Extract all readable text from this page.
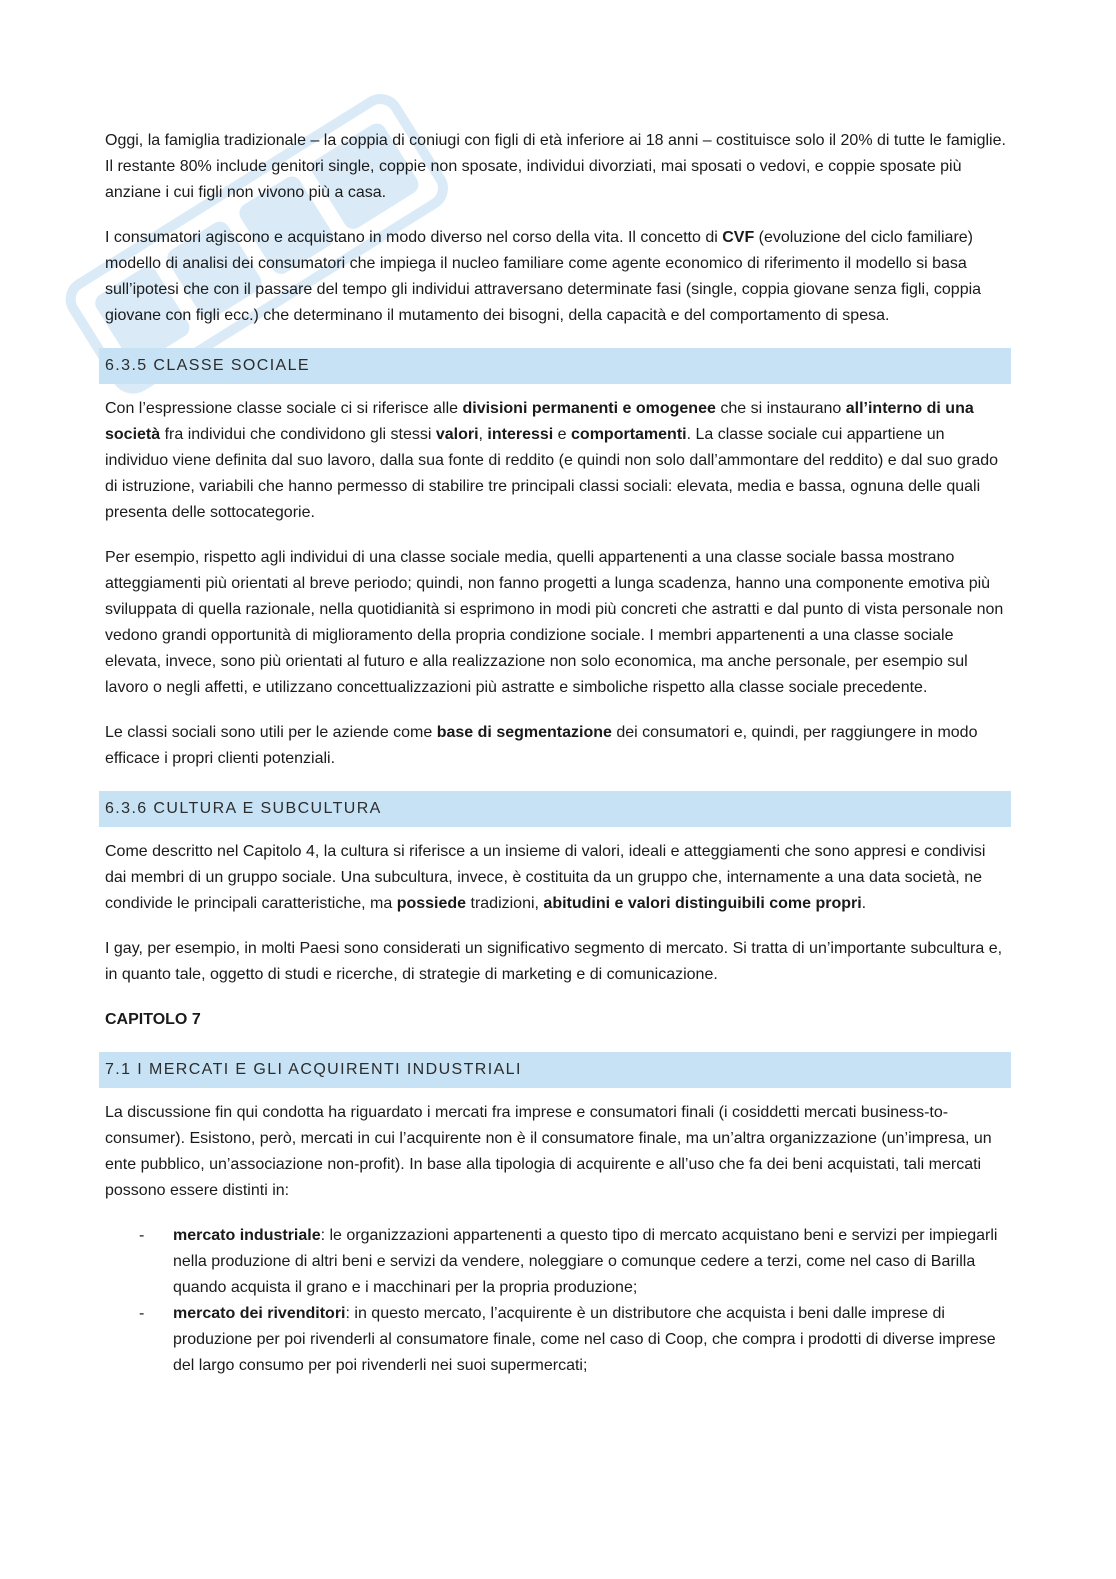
Oggi, la famiglia tradizionale – la coppia di coniugi con figli di età inferiore ai 18 anni – costituisce solo il 20% di tutte le famiglie. Il restante 80% include genitori single, coppie non sposate, individui divorziati, mai sposati o vedovi, e coppie sposate più anziane i cui figli non vivono più a casa.

I consumatori agiscono e acquistano in modo diverso nel corso della vita. Il concetto di CVF (evoluzione del ciclo familiare) modello di analisi dei consumatori che impiega il nucleo familiare come agente economico di riferimento il modello si basa sull’ipotesi che con il passare del tempo gli individui attraversano determinate fasi (single, coppia giovane senza figli, coppia giovane con figli ecc.) che determinano il mutamento dei bisogni, della capacità e del comportamento di spesa.

6.3.5 CLASSE SOCIALE

Con l’espressione classe sociale ci si riferisce alle divisioni permanenti e omogenee che si instaurano all’interno di una società fra individui che condividono gli stessi valori, interessi e comportamenti. La classe sociale cui appartiene un individuo viene definita dal suo lavoro, dalla sua fonte di reddito (e quindi non solo dall’ammontare del reddito) e dal suo grado di istruzione, variabili che hanno permesso di stabilire tre principali classi sociali: elevata, media e bassa, ognuna delle quali presenta delle sottocategorie.

Per esempio, rispetto agli individui di una classe sociale media, quelli appartenenti a una classe sociale bassa mostrano atteggiamenti più orientati al breve periodo; quindi, non fanno progetti a lunga scadenza, hanno una componente emotiva più sviluppata di quella razionale, nella quotidianità si esprimono in modi più concreti che astratti e dal punto di vista personale non vedono grandi opportunità di miglioramento della propria condizione sociale. I membri appartenenti a una classe sociale elevata, invece, sono più orientati al futuro e alla realizzazione non solo economica, ma anche personale, per esempio sul lavoro o negli affetti, e utilizzano concettualizzazioni più astratte e simboliche rispetto alla classe sociale precedente.

Le classi sociali sono utili per le aziende come base di segmentazione dei consumatori e, quindi, per raggiungere in modo efficace i propri clienti potenziali.

6.3.6 CULTURA E SUBCULTURA

Come descritto nel Capitolo 4, la cultura si riferisce a un insieme di valori, ideali e atteggiamenti che sono appresi e condivisi dai membri di un gruppo sociale. Una subcultura, invece, è costituita da un gruppo che, internamente a una data società, ne condivide le principali caratteristiche, ma possiede tradizioni, abitudini e valori distinguibili come propri.

I gay, per esempio, in molti Paesi sono considerati un significativo segmento di mercato. Si tratta di un’importante subcultura e, in quanto tale, oggetto di studi e ricerche, di strategie di marketing e di comunicazione.

CAPITOLO 7
7.1 I MERCATI E GLI ACQUIRENTI INDUSTRIALI

La discussione fin qui condotta ha riguardato i mercati fra imprese e consumatori finali (i cosiddetti mercati business-to-consumer). Esistono, però, mercati in cui l’acquirente non è il consumatore finale, ma un’altra organizzazione (un’impresa, un ente pubblico, un’associazione non-profit). In base alla tipologia di acquirente e all’uso che fa dei beni acquistati, tali mercati possono essere distinti in:

- mercato industriale: le organizzazioni appartenenti a questo tipo di mercato acquistano beni e servizi per impiegarli nella produzione di altri beni e servizi da vendere, noleggiare o comunque cedere a terzi, come nel caso di Barilla quando acquista il grano e i macchinari per la propria produzione;
- mercato dei rivenditori: in questo mercato, l’acquirente è un distributore che acquista i beni dalle imprese di produzione per poi rivenderli al consumatore finale, come nel caso di Coop, che compra i prodotti di diverse imprese del largo consumo per poi rivenderli nei suoi supermercati;
